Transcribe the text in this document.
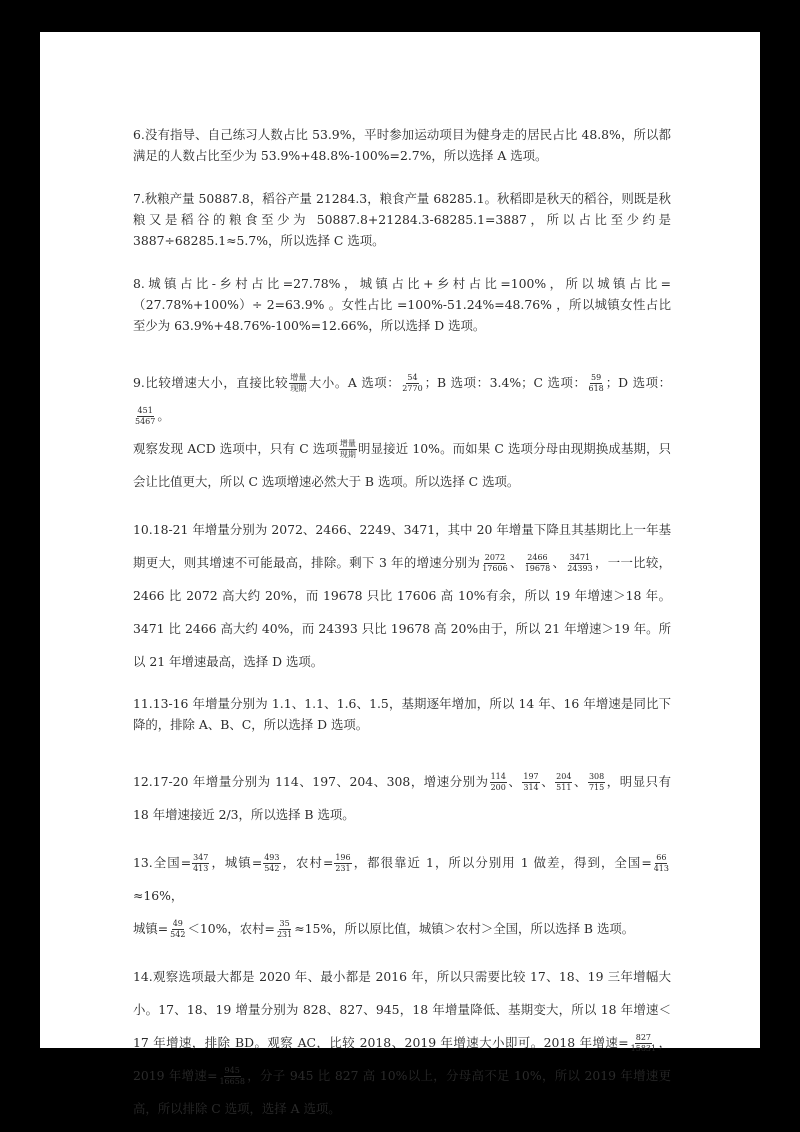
6.没有指导、自己练习人数占比 53.9%，平时参加运动项目为健身走的居民占比 48.8%，所以都满足的人数占比至少为 53.9%+48.8%-100%=2.7%，所以选择 A 选项。

7.秋粮产量 50887.8，稻谷产量 21284.3，粮食产量 68285.1。秋稻即是秋天的稻谷，则既是秋粮又是稻谷的粮食至少为 50887.8+21284.3-68285.1=3887，所以占比至少约是 3887÷68285.1≈5.7%，所以选择 C 选项。

8.城镇占比-乡村占比=27.78%，城镇占比+乡村占比=100%，所以城镇占比=（27.78%+100%）÷ 2=63.9% 。女性占比 =100%-51.24%=48.76% ，所以城镇女性占比至少为 63.9%+48.76%-100%=12.66%，所以选择 D 选项。

9.比较增速大小，直接比较 $\frac{\text{增量}}{\text{现期}}$ 大小。A 选项： $\frac{54}{2770}$ ；B 选项：3.4%；C 选项： $\frac{59}{618}$ ；D 选项：
$\frac{451}{5467}$ 。
观察发现 ACD 选项中，只有 C 选项 $\frac{\text{增量}}{\text{现期}}$ 明显接近 10%。而如果 C 选项分母由现期换成基期，只会让比值更大，所以 C 选项增速必然大于 B 选项。所以选择 C 选项。

10.18-21 年增量分别为 2072、2466、2249、3471，其中 20 年增量下降且其基期比上一年基期更大，则其增速不可能最高，排除。剩下 3 年的增速分别为 $\frac{2072}{17606}$ 、 $\frac{2466}{19678}$ 、 $\frac{3471}{24393}$ ，一一比较， 2466 比 2072 高大约 20%，而 19678 只比 17606 高 10%有余，所以 19 年增速＞18 年。3471 比 2466 高大约 40%，而 24393 只比 19678 高 20%由于，所以 21 年增速＞19 年。所以 21 年增速最高，选择 D 选项。

11.13-16 年增量分别为 1.1、1.1、1.6、1.5，基期逐年增加，所以 14 年、16 年增速是同比下降的，排除 A、B、C，所以选择 D 选项。

12.17-20 年增量分别为 114、197、204、308，增速分别为 $\frac{114}{200}$ 、 $\frac{197}{314}$ 、 $\frac{204}{511}$ 、 $\frac{308}{715}$ ，明显只有 18 年增速接近 2/3，所以选择 B 选项。

13.全国= $\frac{347}{413}$ ，城镇= $\frac{493}{542}$ ，农村= $\frac{196}{231}$ ，都很靠近 1，所以分别用 1 做差，得到，全国= $\frac{66}{413}$
≈16%，
城镇= $\frac{49}{542} <10\%$，农村= $\frac{35}{231} \approx 15\%$，所以原比值，城镇＞农村＞全国，所以选择 B 选项。

14.观察选项最大都是 2020 年、最小都是 2016 年，所以只需要比较 17、18、19 三年增幅大小。17、18、19 增量分别为 828、827、945，18 年增量降低、基期变大，所以 18 年增速＜17 年增速，排除 BD。观察 AC，比较 2018、2019 年增速大小即可。2018 年增速= $\frac{827}{15831}$ ，2019 年增速= $\frac{945}{16658}$ ，分子 945 比 827 高 10%以上，分母高不足 10%，所以 2019 年增速更高，所以排除 C 选项，选择 A 选项。
